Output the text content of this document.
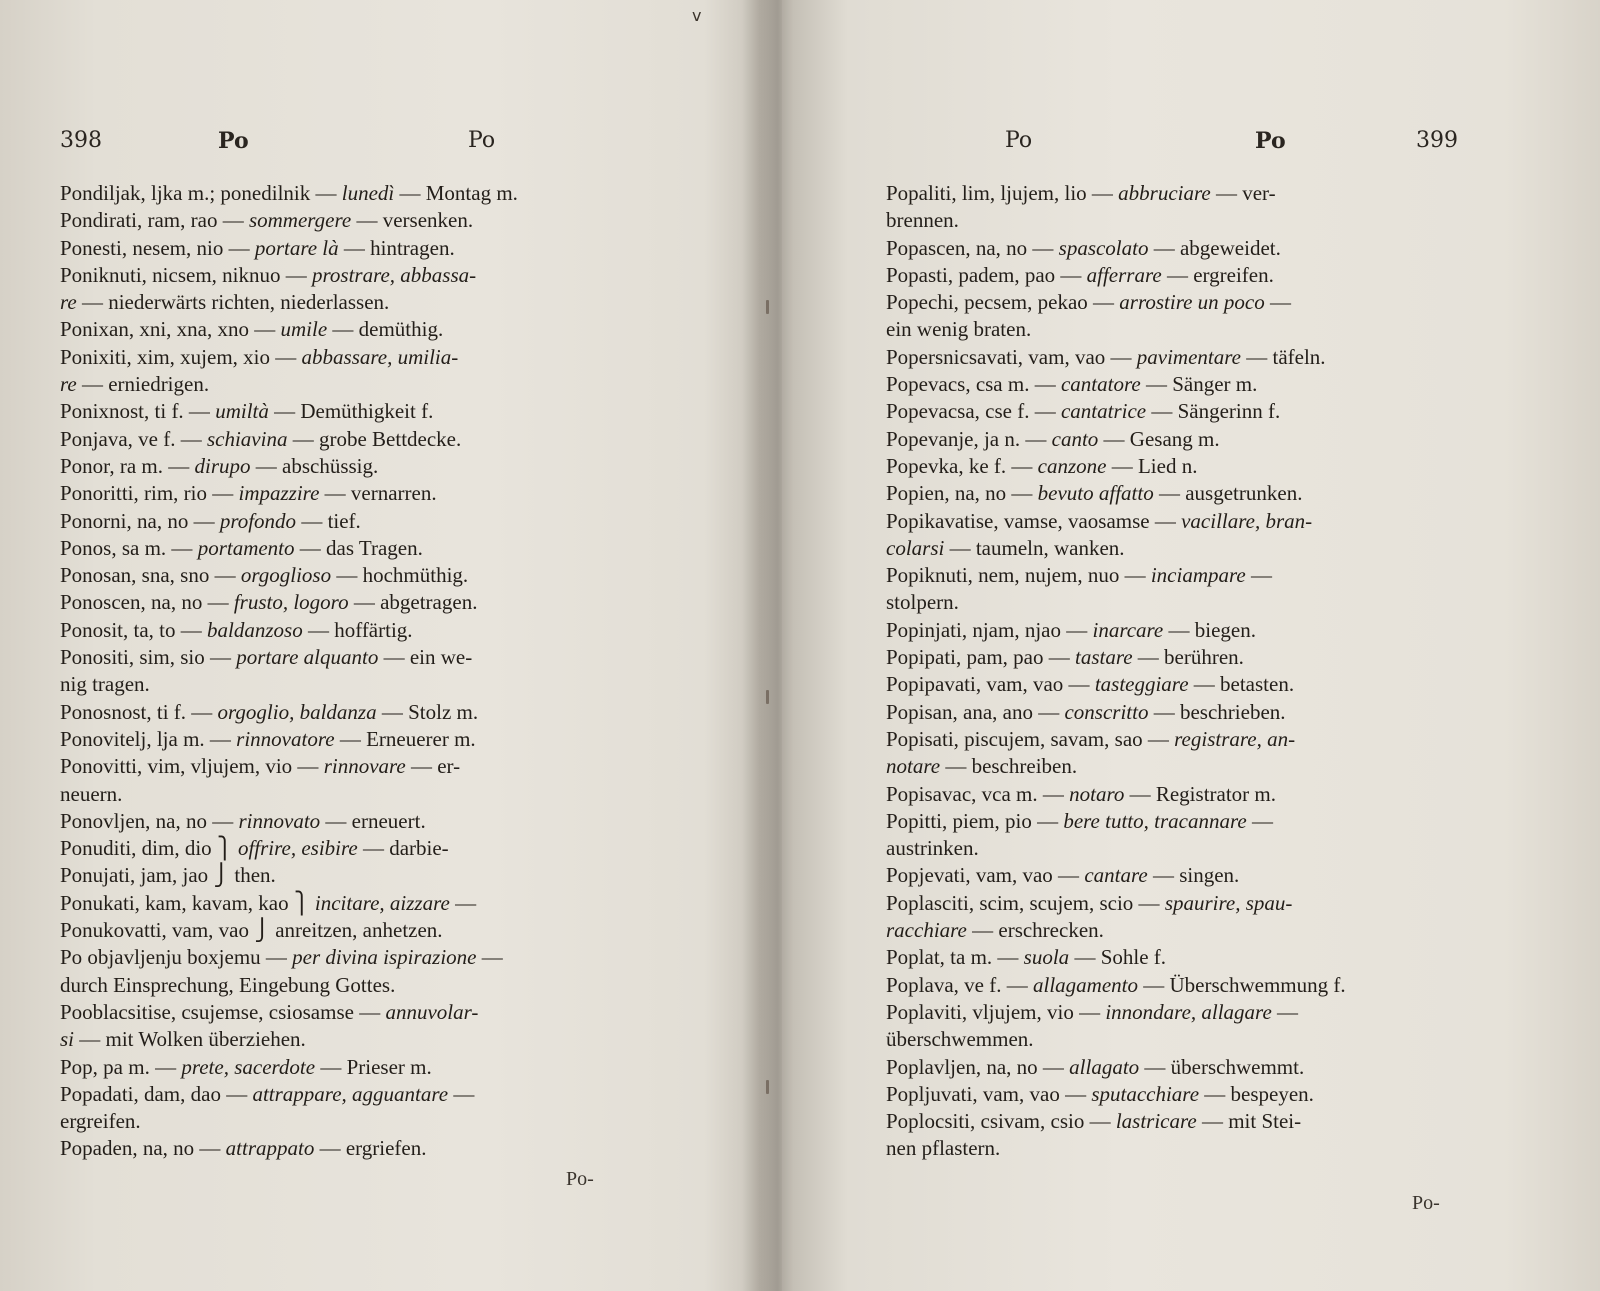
v
398	Po	Po

Pondiljak, ljka m.; ponedilnik — lunedì — Montag m.

Pondirati, ram, rao — sommergere — versenken.

Ponesti, nesem, nio — portare là — hintragen.

Poniknuti, nicsem, niknuo — prostrare, abbassa-
re — niederwärts richten, niederlassen.

Ponixan, xni, xna, xno — umile — demüthig.

Ponixiti, xim, xujem, xio — abbassare, umilia-
re — erniedrigen.

Ponixnost, ti f. — umiltà — Demüthigkeit f.

Ponjava, ve f. — schiavina — grobe Bettdecke.

Ponor, ra m. — dirupo — abschüssig.

Ponoritti, rim, rio — impazzire — vernarren.

Ponorni, na, no — profondo — tief.

Ponos, sa m. — portamento — das Tragen.

Ponosan, sna, sno — orgoglioso — hochmüthig.

Ponoscen, na, no — frusto, logoro — abgetragen.

Ponosit, ta, to — baldanzoso — hoffärtig.

Ponositi, sim, sio — portare alquanto — ein we-
nig tragen.

Ponosnost, ti f. — orgoglio, baldanza — Stolz m.

Ponovitelj, lja m. — rinnovatore — Erneuerer m.

Ponovitti, vim, vljujem, vio — rinnovare — er-
neuern.

Ponovljen, na, no — rinnovato — erneuert.

Ponuditi, dim, dio ⎫ offrire, esibire — darbie-

Ponujati, jam, jao ⎭ then.

Ponukati, kam, kavam, kao ⎫ incitare, aizzare —

Ponukovatti, vam, vao ⎭ anreitzen, anhetzen.

Po objavljenju boxjemu — per divina ispirazione —
durch Einsprechung, Eingebung Gottes.

Pooblacsitise, csujemse, csiosamse — annuvolar-
si — mit Wolken überziehen.

Pop, pa m. — prete, sacerdote — Prieser m.

Popadati, dam, dao — attrappare, agguantare —
ergreifen.

Popaden, na, no — attrappato — ergriefen.

Po-
Po	Po	399

Popaliti, lim, ljujem, lio — abbruciare — ver-
brennen.

Popascen, na, no — spascolato — abgeweidet.

Popasti, padem, pao — afferrare — ergreifen.

Popechi, pecsem, pekao — arrostire un poco —
ein wenig braten.

Popersnicsavati, vam, vao — pavimentare — täfeln.

Popevacs, csa m. — cantatore — Sänger m.

Popevacsa, cse f. — cantatrice — Sängerinn f.

Popevanje, ja n. — canto — Gesang m.

Popevka, ke f. — canzone — Lied n.

Popien, na, no — bevuto affatto — ausgetrunken.

Popikavatise, vamse, vaosamse — vacillare, bran-
colarsi — taumeln, wanken.

Popiknuti, nem, nujem, nuo — inciampare —
stolpern.

Popinjati, njam, njao — inarcare — biegen.

Popipati, pam, pao — tastare — berühren.

Popipavati, vam, vao — tasteggiare — betasten.

Popisan, ana, ano — conscritto — beschrieben.

Popisati, piscujem, savam, sao — registrare, an-
notare — beschreiben.

Popisavac, vca m. — notaro — Registrator m.

Popitti, piem, pio — bere tutto, tracannare —
austrinken.

Popjevati, vam, vao — cantare — singen.

Poplasciti, scim, scujem, scio — spaurire, spau-
racchiare — erschrecken.

Poplat, ta m. — suola — Sohle f.

Poplava, ve f. — allagamento — Überschwemmung f.

Poplaviti, vljujem, vio — innondare, allagare —
überschwemmen.

Poplavljen, na, no — allagato — überschwemmt.

Popljuvati, vam, vao — sputacchiare — bespeyen.

Poplocsiti, csivam, csio — lastricare — mit Stei-
nen pflastern.

Po-
